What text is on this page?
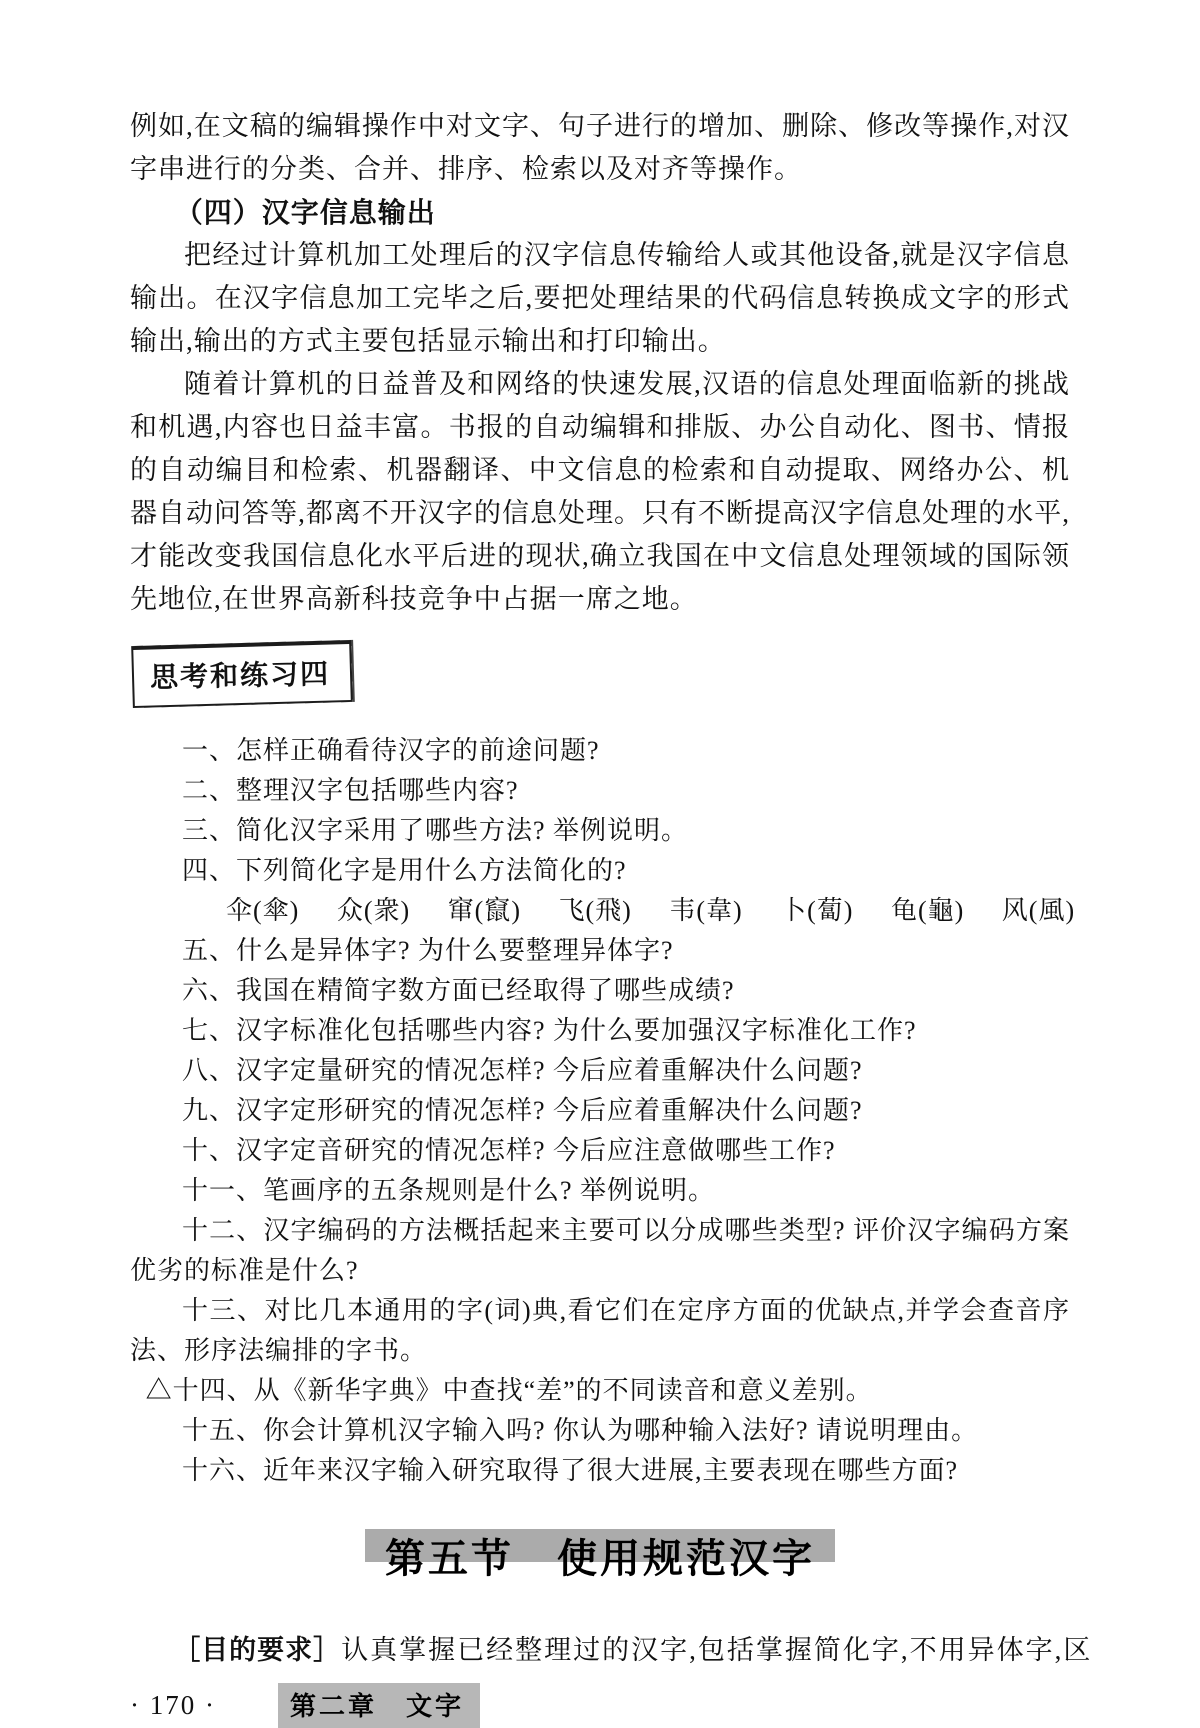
例如,在文稿的编辑操作中对文字、句子进行的增加、删除、修改等操作,对汉字串进行的分类、合并、排序、检索以及对齐等操作。

（四）汉字信息输出

把经过计算机加工处理后的汉字信息传输给人或其他设备,就是汉字信息输出。在汉字信息加工完毕之后,要把处理结果的代码信息转换成文字的形式输出,输出的方式主要包括显示输出和打印输出。

随着计算机的日益普及和网络的快速发展,汉语的信息处理面临新的挑战和机遇,内容也日益丰富。书报的自动编辑和排版、办公自动化、图书、情报的自动编目和检索、机器翻译、中文信息的检索和自动提取、网络办公、机器自动问答等,都离不开汉字的信息处理。只有不断提高汉字信息处理的水平,才能改变我国信息化水平后进的现状,确立我国在中文信息处理领域的国际领先地位,在世界高新科技竞争中占据一席之地。

思考和练习四

一、怎样正确看待汉字的前途问题?

二、整理汉字包括哪些内容?

三、简化汉字采用了哪些方法? 举例说明。

四、下列简化字是用什么方法简化的?

伞(傘) 众(衆) 窜(竄) 飞(飛) 韦(韋) 卜(蔔) 龟(龜) 风(風)

五、什么是异体字? 为什么要整理异体字?

六、我国在精简字数方面已经取得了哪些成绩?

七、汉字标准化包括哪些内容? 为什么要加强汉字标准化工作?

八、汉字定量研究的情况怎样? 今后应着重解决什么问题?

九、汉字定形研究的情况怎样? 今后应着重解决什么问题?

十、汉字定音研究的情况怎样? 今后应注意做哪些工作?

十一、笔画序的五条规则是什么? 举例说明。

十二、汉字编码的方法概括起来主要可以分成哪些类型? 评价汉字编码方案优劣的标准是什么?

十三、对比几本通用的字(词)典,看它们在定序方面的优缺点,并学会查音序法、形序法编排的字书。

△十四、从《新华字典》中查找“差”的不同读音和意义差别。

十五、你会计算机汉字输入吗? 你认为哪种输入法好? 请说明理由。

十六、近年来汉字输入研究取得了很大进展,主要表现在哪些方面?

第五节　使用规范汉字

［目的要求］认真掌握已经整理过的汉字,包括掌握简化字,不用异体字,区

· 170 ·	第二章　文字
